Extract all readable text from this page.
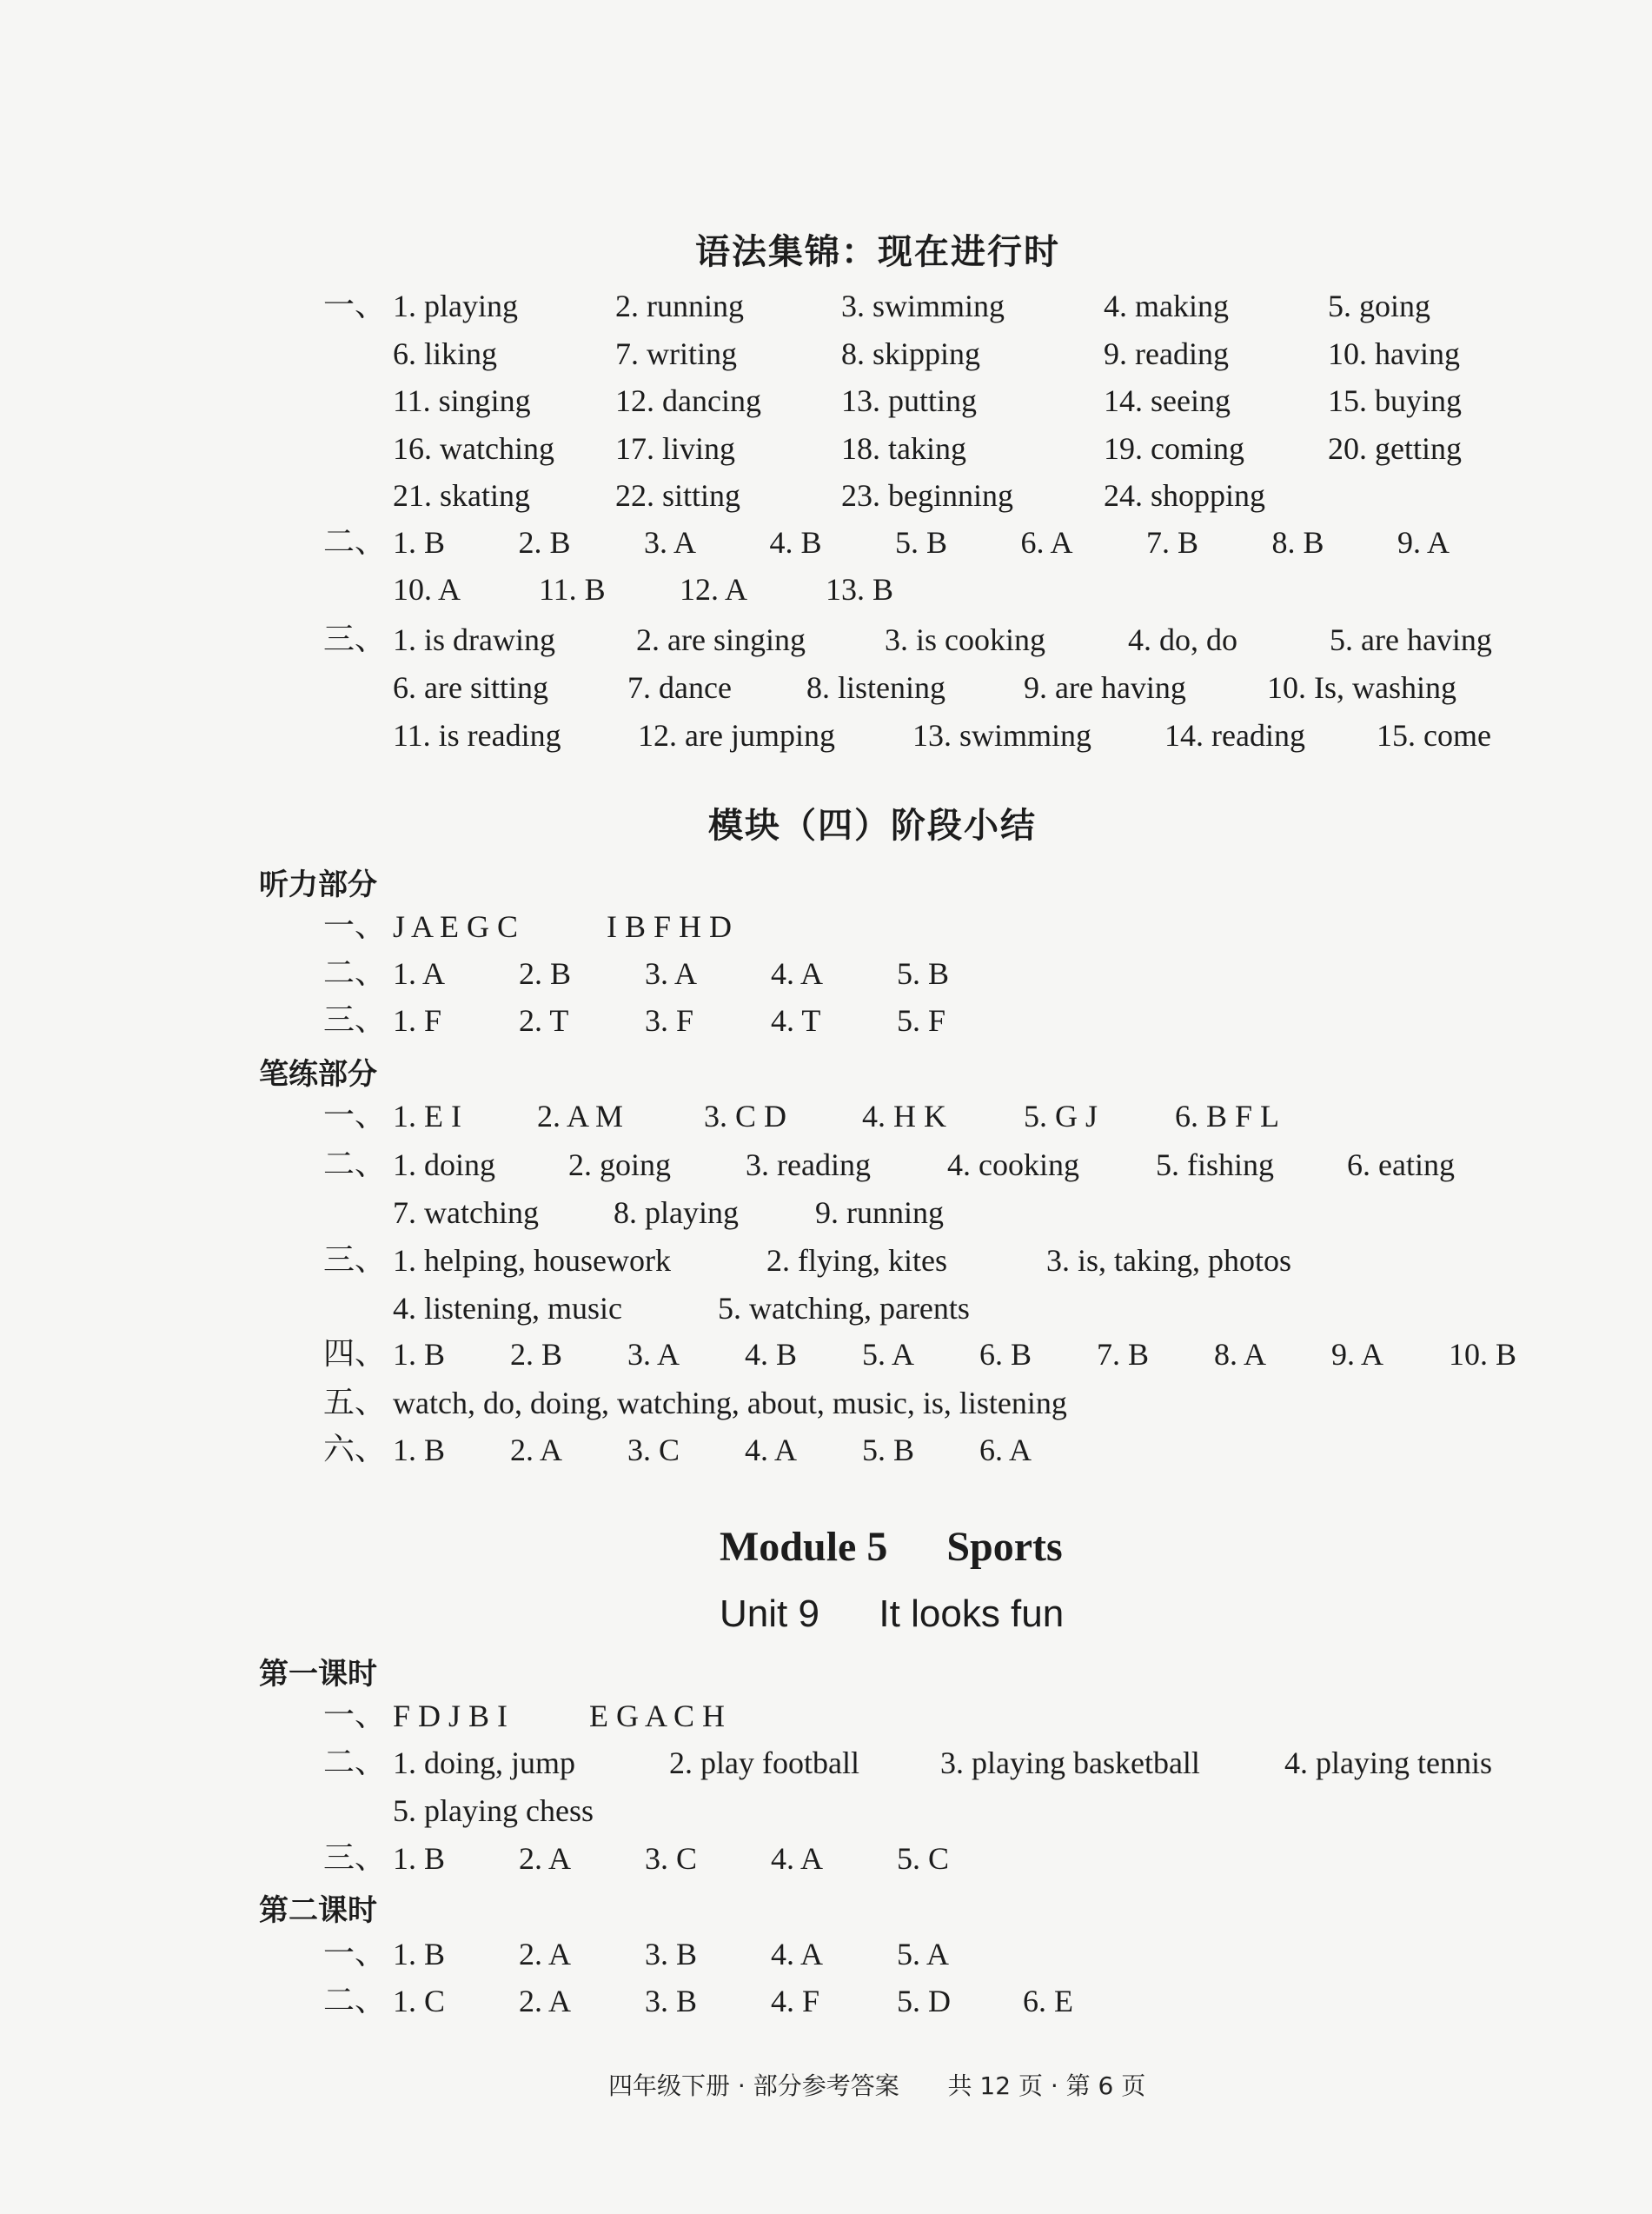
语法集锦：现在进行时
一、 1. playing	2. running	3. swimming	4. making	5. going
6. liking	7. writing	8. skipping	9. reading	10. having
11. singing	12. dancing	13. putting	14. seeing	15. buying
16. watching 17. living	18. taking	19. coming	20. getting
21. skating	22. sitting	23. beginning	24. shopping
二、 1. B 2. B 3. A 4. B 5. B 6. A 7. B 8. B 9. A
10. A 11. B 12. A 13. B
三、 1. is drawing	2. are singing	3. is cooking	4. do, do	5. are having
6. are sitting	7. dance 8. listening	9. are having	10. Is, washing
11. is reading 12. are jumping 13. swimming 14. reading 15. come
模块（四）阶段小结
听力部分
一、 J A E G C	I B F H D
二、 1. A 2. B 3. A 4. A 5. B
三、 1. F 2. T 3. F 4. T 5. F
笔练部分
一、 1. E I 2. A M	3. C D 4. H K 5. G J 6. B F L
二、 1. doing 2. going 3. reading 4. cooking 5. fishing 6. eating
7. watching 8. playing 9. running
三、 1. helping, housework	2. flying, kites	3. is, taking, photos
4. listening, music	5. watching, parents
四、 1. B 2. B 3. A 4. B 5. A 6. B 7. B 8. A 9. A 10. B
五、 watch, do, doing, watching, about, music, is, listening
六、 1. B 2. A 3. C 4. A 5. B 6. A
Module 5 Sports
Unit 9 It looks fun
第一课时
一、 F D J B I	E G A C H
二、 1. doing, jump	2. play football	3. playing basketball	4. playing tennis
5. playing chess
三、 1. B 2. A 3. C 4. A 5. C
第二课时
一、 1. B 2. A 3. B 4. A 5. A
二、 1. C 2. A 3. B 4. F 5. D 6. E
四年级下册 · 部分参考答案 共 12 页 · 第 6 页
